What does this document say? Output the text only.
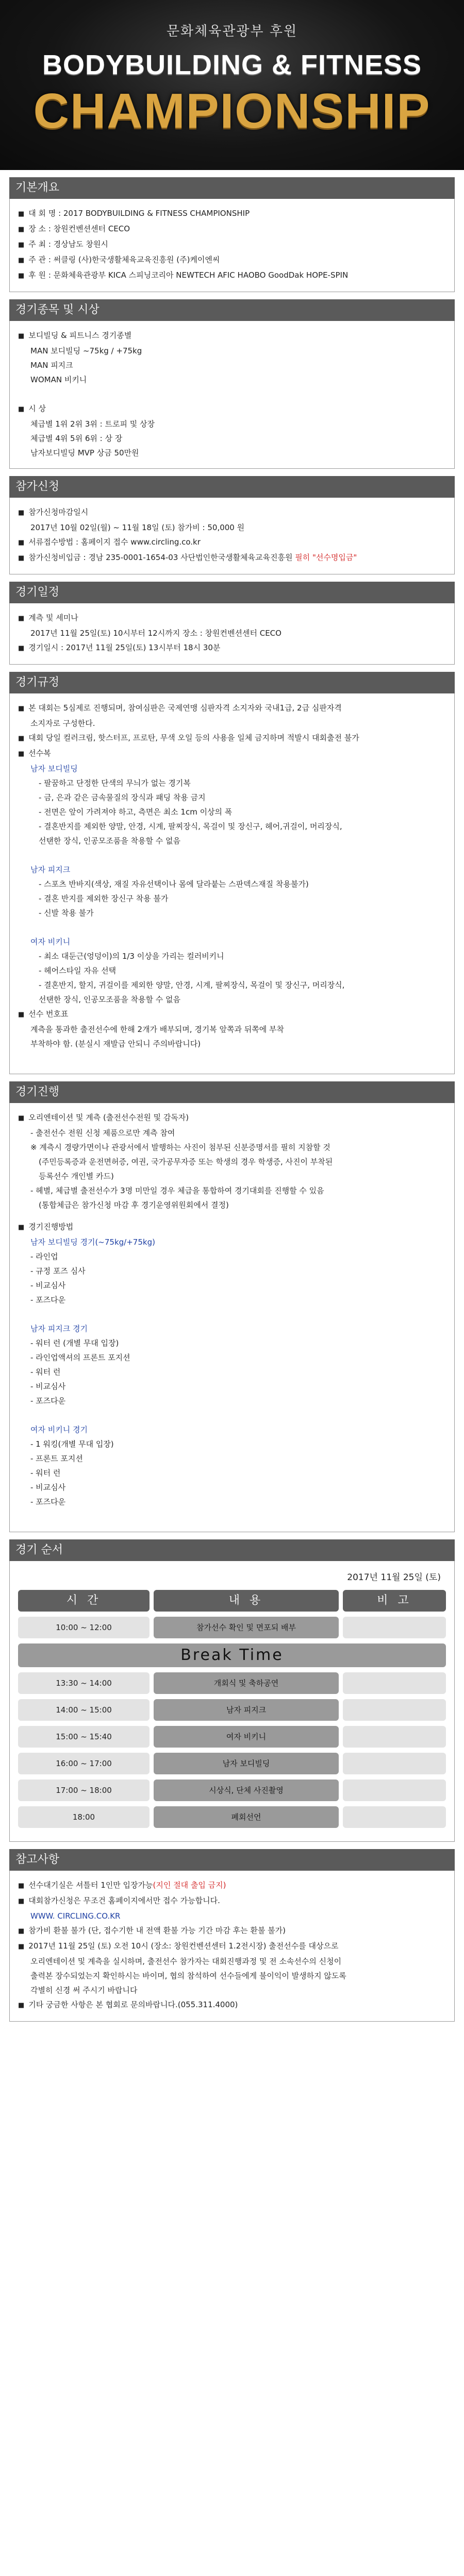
문화체육관광부 후원
BODYBUILDING & FITNESS
CHAMPIONSHIP
기본개요
■ 대 회 명 : 2017 BODYBUILDING & FITNESS CHAMPIONSHIP
■ 장 소 : 창원컨벤션센터 CECO
■ 주 최 : 경상남도 창원시
■ 주 관 : 써클링 (사)한국생활체육교육진흥원 (주)케이엔씨
■ 후 원 : 문화체육관광부 KICA 스피닝코리아 NEWTECH AFIC HAOBO GoodDak HOPE-SPIN
경기종목 및 시상
■ 보디빌딩 & 피트니스 경기종별
MAN 보디빌딩 ~75kg / +75kg
MAN 피지크
WOMAN 비키니
■ 시 상
체급별 1위 2위 3위 : 트로피 및 상장
체급별 4위 5위 6위 : 상 장
남자보디빌딩 MVP 상금 50만원
참가신청
■ 참가신청마감일시
2017년 10월 02일(월) ~ 11월 18일 (토) 참가비 : 50,000 원
■ 서류접수방법 : 홈페이지 접수 www.circling.co.kr
■ 참가신청비입금 : 경남 235-0001-1654-03 사단법인한국생활체육교육진흥원 필히 "선수명입금"
경기일정
■ 계측 및 세미나
2017년 11월 25일(토) 10시부터 12시까지 장소 : 창원컨벤션센터 CECO
■ 경기일시 : 2017년 11월 25일(토) 13시부터 18시 30분
경기규정
■ 본 대회는 5심제로 진행되며, 참여심판은 국제연맹 심판자격 소지자와 국내1급, 2급 심판자격
소지자로 구성한다.
■ 대회 당일 컬러크림, 핫스터프, 프로탄, 무색 오일 등의 사용을 일체 금지하며 적발시 대회출전 불가
■ 선수복
남자 보디빌딩
- 팔꿈하고 단정한 단색의 무늬가 없는 경기복
- 금, 은과 같은 금속물질의 장식과 패딩 착용 금지
- 전면은 앞이 가려져야 하고, 측면은 최소 1cm 이상의 폭
- 결혼반지를 제외한 양말, 안경, 시계, 팔찌장식, 목걸이 및 장신구, 헤어,귀걸이, 머리장식,
선탠한 장식, 인공모조품을 착용할 수 없음
남자 피지크
- 스포츠 반바지(색상, 재질 자유선택이나 몸에 달라붙는 스판덱스재질 착용불가)
- 결혼 반지를 제외한 장신구 착용 불가
- 신발 착용 불가
여자 비키니
- 최소 대둔근(엉덩이)의 1/3 이상을 가리는 컬러비키니
- 헤어스타일 자유 선택
- 결혼반지, 할지, 귀걸이를 제외한 양말, 안경, 시계, 팔찌장식, 목걸이 및 장신구, 머리장식,
선탠한 장식, 인공모조품을 착용할 수 없음
■ 선수 번호표
계측을 통과한 출전선수에 한해 2개가 배부되며, 경기복 앞쪽과 뒤쪽에 부착
부착하야 함. (분실시 재발급 안되니 주의바랍니다)
경기진행
■ 오리엔테이션 및 계측 (출전선수전원 및 감독자)
- 출전선수 전원 신청 제품으로만 계측 참여
※ 계측시 경량가면이나 관광서에서 발행하는 사진이 첨부된 신분증명서를 필히 지참할 것
(주민등록증과 운전면허증, 여권, 국가공무자증 또는 학생의 경우 학생증, 사진이 부착된
등록선수 개인별 카드)
- 헤별, 체급별 출전선수가 3명 미만일 경우 체급을 통합하여 경기대회를 진행할 수 있음
(통합체급은 참가신청 마감 후 경기운영위원회에서 결정)
■ 경기진행방법
남자 보디빌딩 경기(~75kg/+75kg)
- 라인업
- 규정 포즈 심사
- 비교심사
- 포즈다운
남자 피지크 경기
- 워터 런 (개별 무대 입장)
- 라인업액셔의 프론트 포지션
- 워터 런
- 비교심사
- 포즈다운
여자 비키니 경기
- 1 워킹(개별 무대 입장)
- 프론트 포지션
- 워터 런
- 비교심사
- 포즈다운
경기 순서
2017년 11월 25일 (토)
시 간	내 용	비 고
10:00 ~ 12:00	참가선수 확인 및 면포되 배부
Break Time
13:30 ~ 14:00	개회식 및 축하공연
14:00 ~ 15:00	남자 피지크
15:00 ~ 15:40	여자 비키니
16:00 ~ 17:00	남자 보디빌딩
17:00 ~ 18:00	시상식, 단체 사진촬영
18:00	폐회선언
참고사항
■ 선수대기실은 셔틀터 1인만 입장가능(지인 절대 출입 금지)
■ 대회참가신청은 무조건 홈페이지에서만 접수 가능합니다.
WWW. CIRCLING.CO.KR
■ 참가비 환불 불가 (단, 접수기한 내 전액 환불 가능 기간 마감 후는 환불 불가)
■ 2017년 11월 25일 (토) 오전 10시 (장소: 창원컨벤션센터 1.2전시장) 출전선수를 대상으로
오리엔테이션 및 계측을 실시하며, 출전선수 참가자는 대회진행과정 및 전 소속선수의 신청이
출력본 장수되었는지 확인하시는 바이며, 협의 참석하여 선수들에게 불이익이 발생하지 않도록
각별히 신경 써 주시기 바랍니다
■ 기타 궁금한 사항은 본 협회로 문의바랍니다.(055.311.4000)
